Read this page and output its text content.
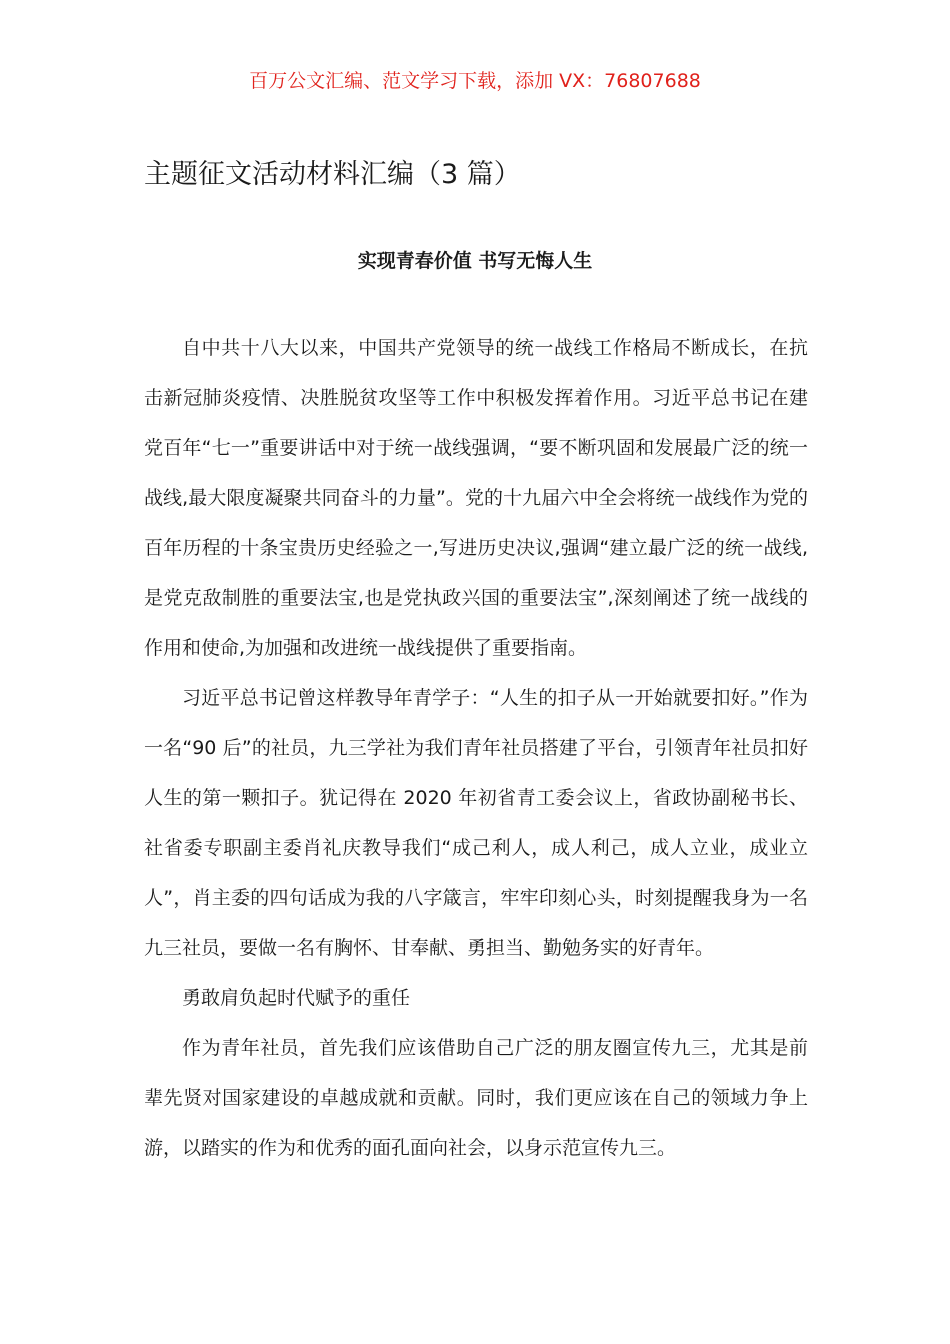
百万公文汇编、范文学习下载，添加 VX：76807688
主题征文活动材料汇编（3 篇）
实现青春价值 书写无悔人生

自中共十八大以来，中国共产党领导的统一战线工作格局不断成长，在抗击新冠肺炎疫情、决胜脱贫攻坚等工作中积极发挥着作用。习近平总书记在建党百年“七一”重要讲话中对于统一战线强调，“要不断巩固和发展最广泛的统一战线,最大限度凝聚共同奋斗的力量”。党的十九届六中全会将统一战线作为党的百年历程的十条宝贵历史经验之一,写进历史决议,强调“建立最广泛的统一战线,是党克敌制胜的重要法宝,也是党执政兴国的重要法宝”,深刻阐述了统一战线的作用和使命,为加强和改进统一战线提供了重要指南。

习近平总书记曾这样教导年青学子：“人生的扣子从一开始就要扣好。”作为一名“90 后”的社员，九三学社为我们青年社员搭建了平台，引领青年社员扣好人生的第一颗扣子。犹记得在 2020 年初省青工委会议上，省政协副秘书长、社省委专职副主委肖礼庆教导我们“成己利人，成人利己，成人立业，成业立人”，肖主委的四句话成为我的八字箴言，牢牢印刻心头，时刻提醒我身为一名九三社员，要做一名有胸怀、甘奉献、勇担当、勤勉务实的好青年。

勇敢肩负起时代赋予的重任

作为青年社员，首先我们应该借助自己广泛的朋友圈宣传九三，尤其是前辈先贤对国家建设的卓越成就和贡献。同时，我们更应该在自己的领域力争上游，以踏实的作为和优秀的面孔面向社会，以身示范宣传九三。
